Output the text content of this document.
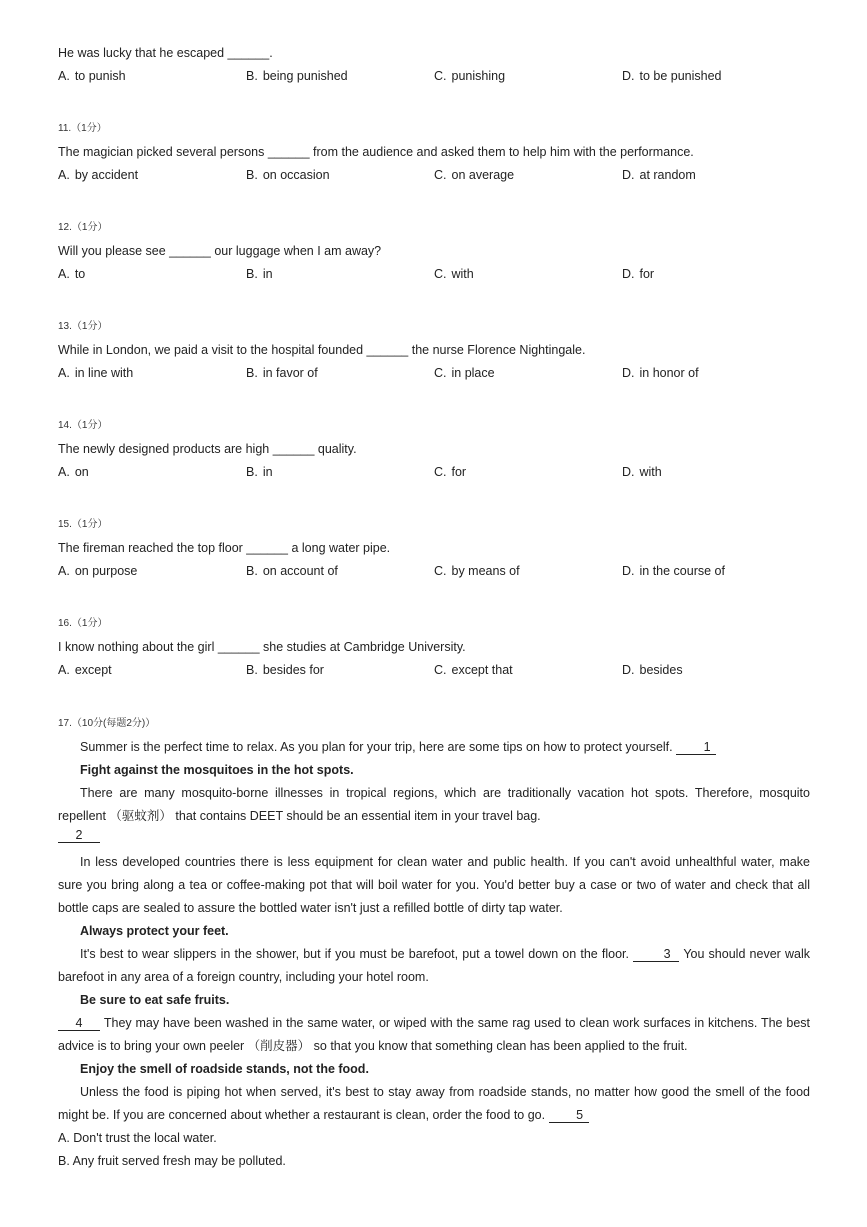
He was lucky that he escaped ______.
A. to punish	B. being punished	C. punishing	D. to be punished
11.（1分）
The magician picked several persons ______ from the audience and asked them to help him with the performance.
A. by accident	B. on occasion	C. on average	D. at random
12.（1分）
Will you please see ______ our luggage when I am away?
A. to	B. in	C. with	D. for
13.（1分）
While in London, we paid a visit to the hospital founded ______ the nurse Florence Nightingale.
A. in line with	B. in favor of	C. in place	D. in honor of
14.（1分）
The newly designed products are high ______ quality.
A. on	B. in	C. for	D. with
15.（1分）
The fireman reached the top floor ______ a long water pipe.
A. on purpose	B. on account of	C. by means of	D. in the course of
16.（1分）
I know nothing about the girl ______ she studies at Cambridge University.
A. except	B. besides for	C. except that	D. besides
17.（10分(每题2分)）
Summer is the perfect time to relax. As you plan for your trip, here are some tips on how to protect yourself. 1
Fight against the mosquitoes in the hot spots.
There are many mosquito-borne illnesses in tropical regions, which are traditionally vacation hot spots. Therefore, mosquito repellent （驱蚊剂） that contains DEET should be an essential item in your travel bag.
2
In less developed countries there is less equipment for clean water and public health. If you can't avoid unhealthful water, make sure you bring along a tea or coffee-making pot that will boil water for you. You'd better buy a case or two of water and check that all bottle caps are sealed to assure the bottled water isn't just a refilled bottle of dirty tap water.
Always protect your feet.
It's best to wear slippers in the shower, but if you must be barefoot, put a towel down on the floor.	3 You should never walk barefoot in any area of a foreign country, including your hotel room.
Be sure to eat safe fruits.
4 They may have been washed in the same water, or wiped with the same rag used to clean work surfaces in kitchens. The best advice is to bring your own peeler （削皮器） so that you know that something clean has been applied to the fruit.
Enjoy the smell of roadside stands, not the food.
Unless the food is piping hot when served, it's best to stay away from roadside stands, no matter how good the smell of the food might be. If you are concerned about whether a restaurant is clean, order the food to go. 5
A. Don't trust the local water.
B. Any fruit served fresh may be polluted.
